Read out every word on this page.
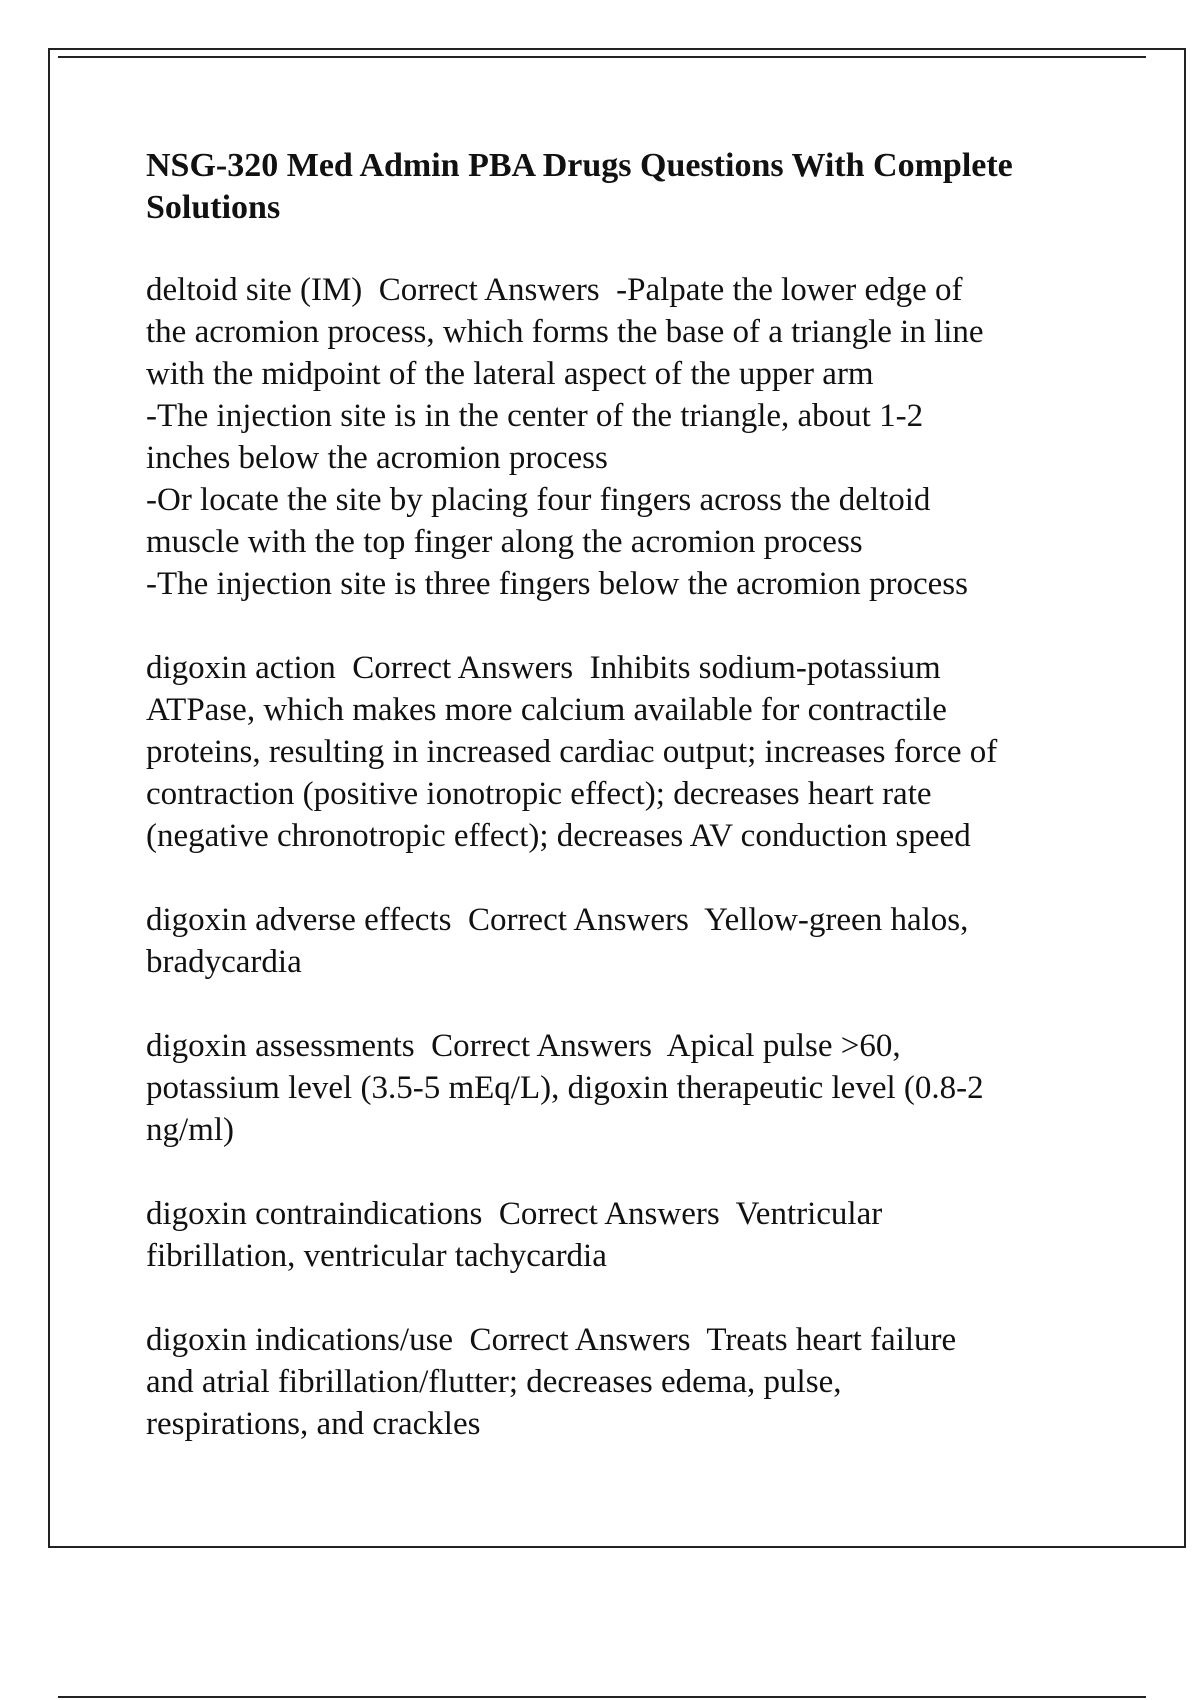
NSG-320 Med Admin PBA Drugs Questions With Complete
Solutions
deltoid site (IM)  Correct Answers  -Palpate the lower edge of
the acromion process, which forms the base of a triangle in line
with the midpoint of the lateral aspect of the upper arm
-The injection site is in the center of the triangle, about 1-2
inches below the acromion process
-Or locate the site by placing four fingers across the deltoid
muscle with the top finger along the acromion process
-The injection site is three fingers below the acromion process
digoxin action  Correct Answers  Inhibits sodium-potassium
ATPase, which makes more calcium available for contractile
proteins, resulting in increased cardiac output; increases force of
contraction (positive ionotropic effect); decreases heart rate
(negative chronotropic effect); decreases AV conduction speed
digoxin adverse effects  Correct Answers  Yellow-green halos,
bradycardia
digoxin assessments  Correct Answers  Apical pulse >60,
potassium level (3.5-5 mEq/L), digoxin therapeutic level (0.8-2
ng/ml)
digoxin contraindications  Correct Answers  Ventricular
fibrillation, ventricular tachycardia
digoxin indications/use  Correct Answers  Treats heart failure
and atrial fibrillation/flutter; decreases edema, pulse,
respirations, and crackles
